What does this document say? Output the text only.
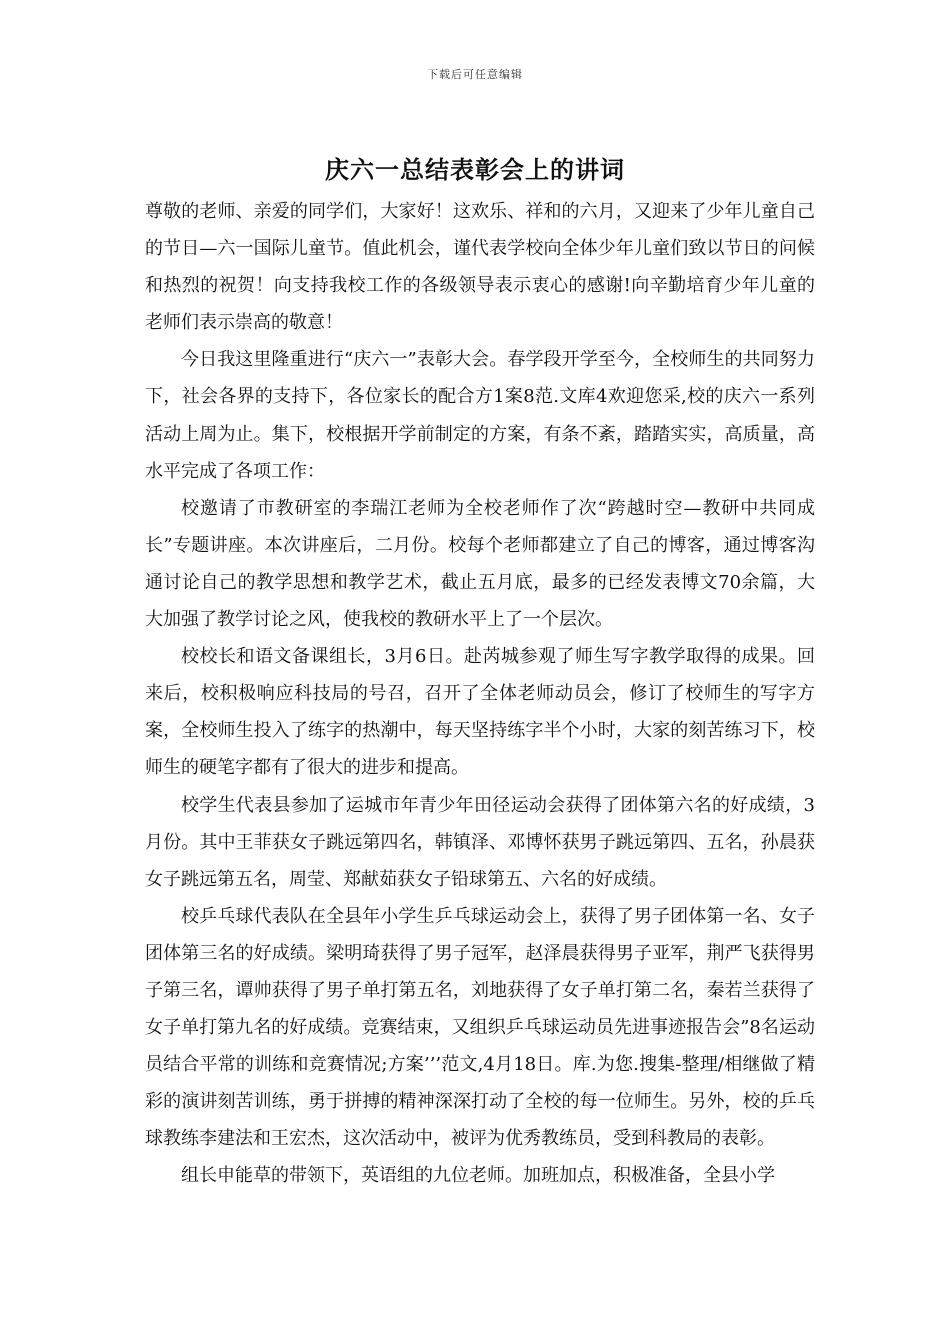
下载后可任意编辑
庆六一总结表彰会上的讲词

尊敬的老师、亲爱的同学们，大家好！这欢乐、祥和的六月，又迎来了少年儿童自己的节日—六一国际儿童节。值此机会，谨代表学校向全体少年儿童们致以节日的问候和热烈的祝贺！向支持我校工作的各级领导表示衷心的感谢!向辛勤培育少年儿童的老师们表示崇高的敬意！

今日我这里隆重进行“庆六一”表彰大会。春学段开学至今，全校师生的共同努力下，社会各界的支持下，各位家长的配合方1案8范.文库4欢迎您采,校的庆六一系列活动上周为止。集下，校根据开学前制定的方案，有条不紊，踏踏实实，高质量，高水平完成了各项工作：

校邀请了市教研室的李瑞江老师为全校老师作了次“跨越时空—教研中共同成长”专题讲座。本次讲座后，二月份。校每个老师都建立了自己的博客，通过博客沟通讨论自己的教学思想和教学艺术，截止五月底，最多的已经发表博文70余篇，大大加强了教学讨论之风，使我校的教研水平上了一个层次。

校校长和语文备课组长，3月6日。赴芮城参观了师生写字教学取得的成果。回来后，校积极响应科技局的号召，召开了全体老师动员会，修订了校师生的写字方案，全校师生投入了练字的热潮中，每天坚持练字半个小时，大家的刻苦练习下，校师生的硬笔字都有了很大的进步和提高。

校学生代表县参加了运城市年青少年田径运动会获得了团体第六名的好成绩，3月份。其中王菲获女子跳远第四名，韩镇泽、邓博怀获男子跳远第四、五名，孙晨获女子跳远第五名，周莹、郑献茹获女子铅球第五、六名的好成绩。

校乒乓球代表队在全县年小学生乒乓球运动会上，获得了男子团体第一名、女子团体第三名的好成绩。梁明琦获得了男子冠军，赵泽晨获得男子亚军，荆严飞获得男子第三名，谭帅获得了男子单打第五名，刘地获得了女子单打第二名，秦若兰获得了女子单打第九名的好成绩。竞赛结束，又组织乒乓球运动员先进事迹报告会”8名运动员结合平常的训练和竞赛情况;方案’’’范文,4月18日。库.为您.搜集-整理/相继做了精彩的演讲刻苦训练，勇于拼搏的精神深深打动了全校的每一位师生。另外，校的乒乓球教练李建法和王宏杰，这次活动中，被评为优秀教练员，受到科教局的表彰。

组长申能草的带领下，英语组的九位老师。加班加点，积极准备，全县小学
